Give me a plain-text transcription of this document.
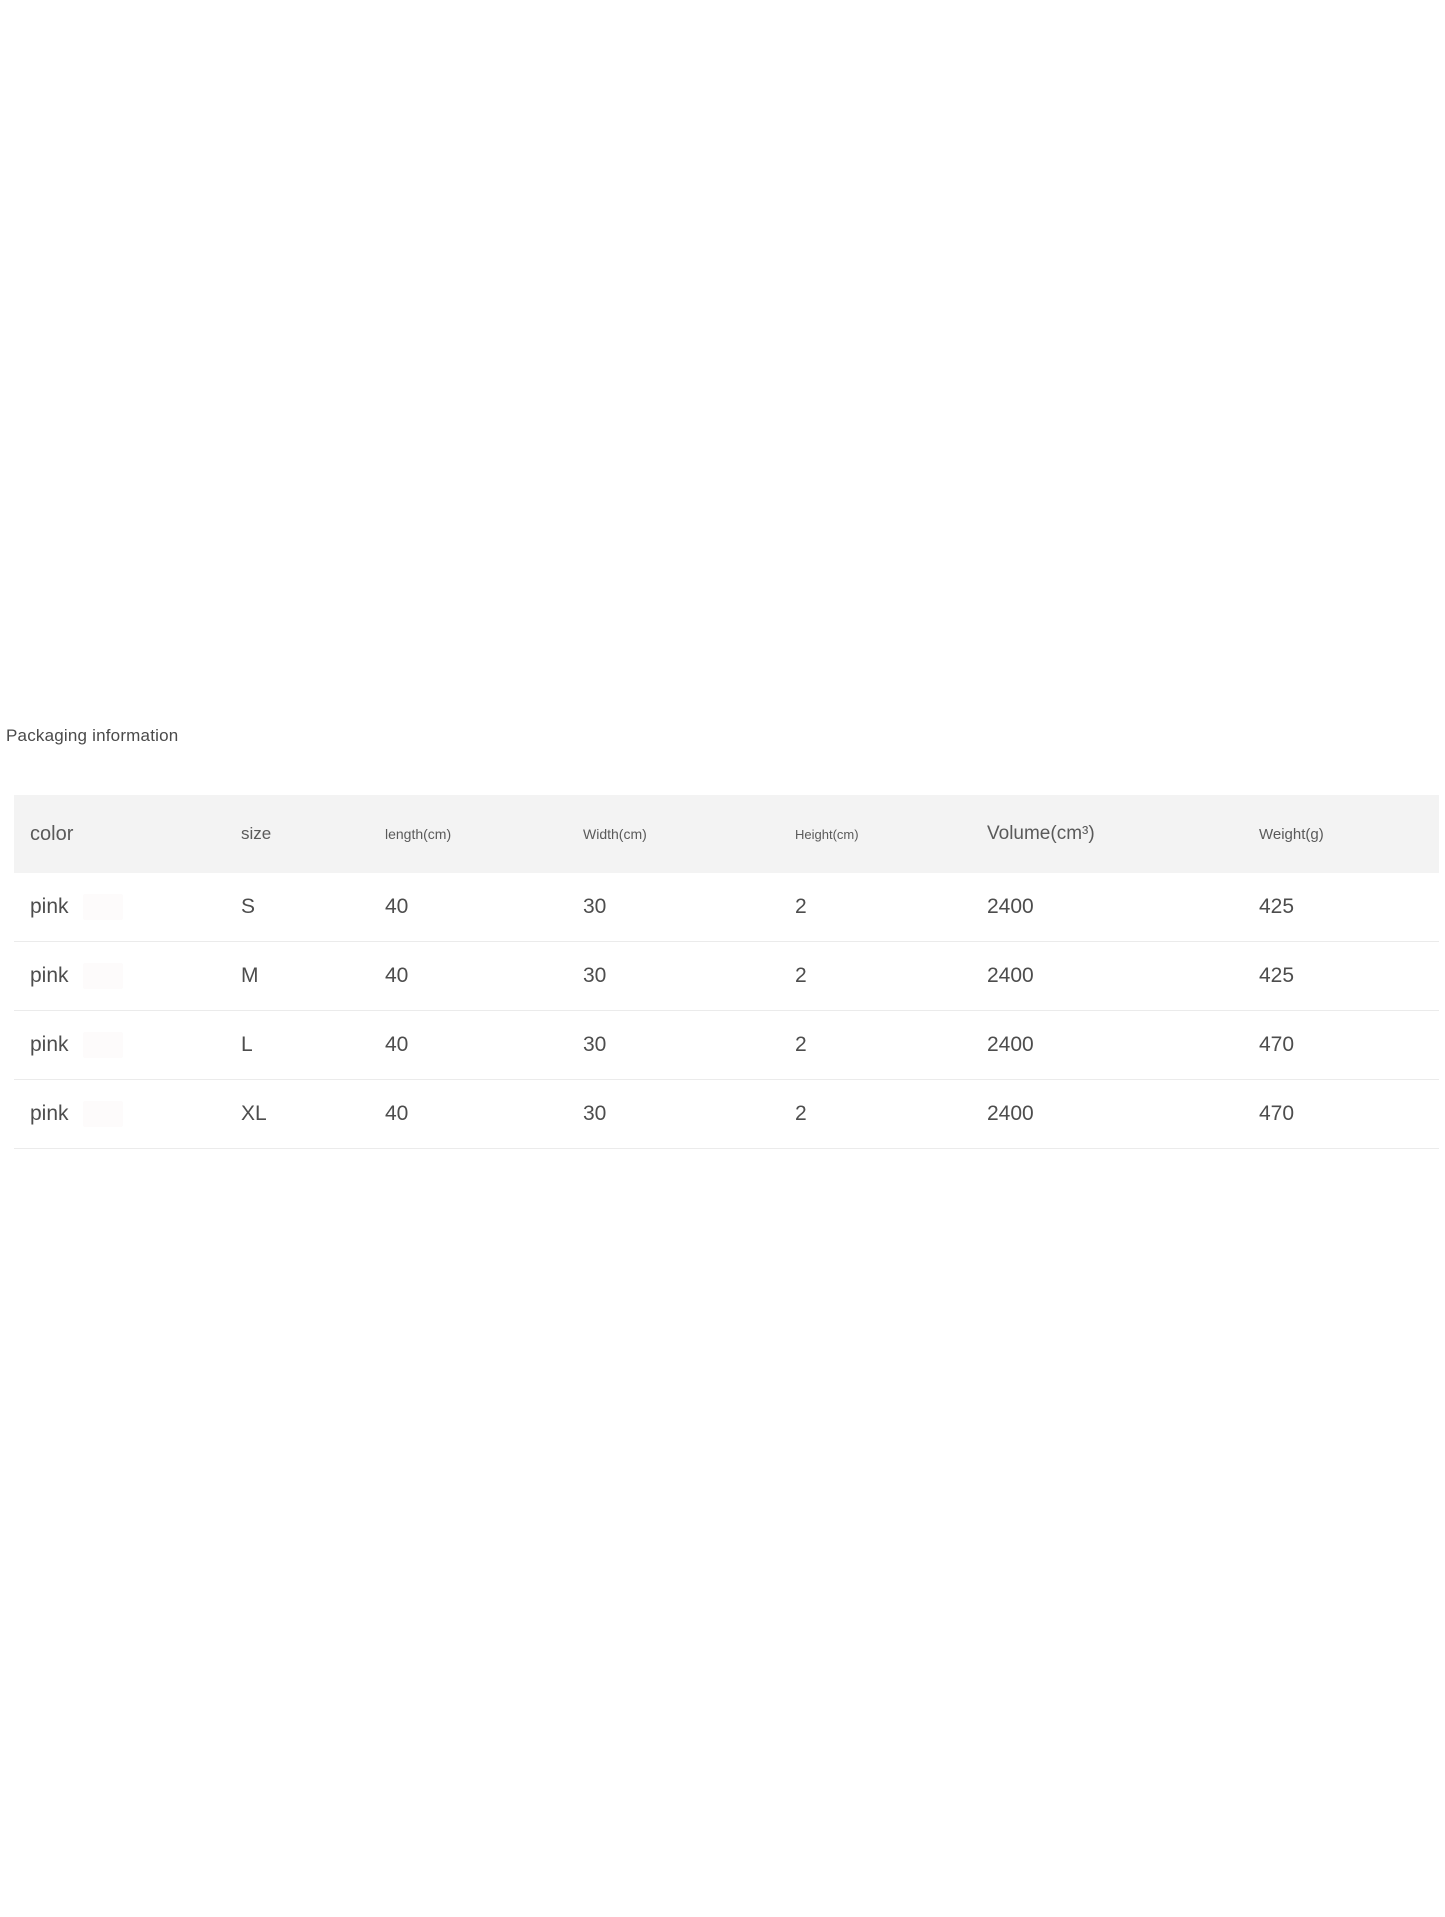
Packaging information
color	size	length(cm)	Width(cm)	Height(cm)	Volume(cm³)	Weight(g)

pink	S	40	30	2	2400	425
pink	M	40	30	2	2400	425
pink	L	40	30	2	2400	470
pink	XL	40	30	2	2400	470
